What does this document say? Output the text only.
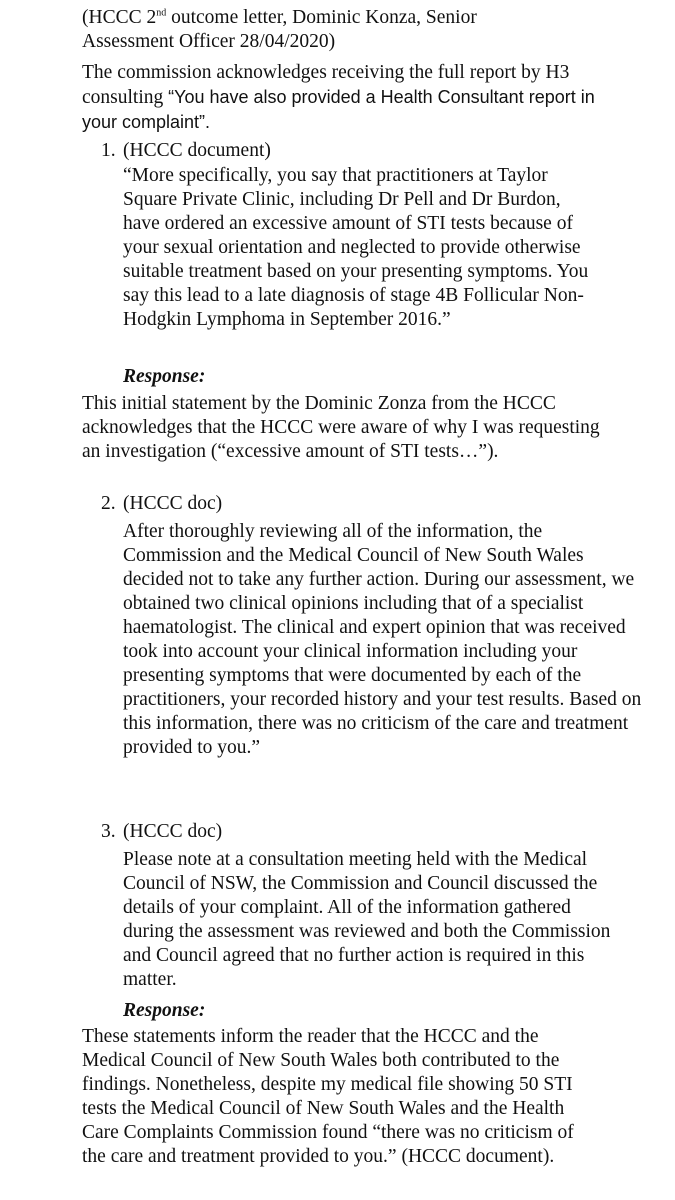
(HCCC 2nd outcome letter, Dominic Konza, Senior
Assessment Officer 28/04/2020)

The commission acknowledges receiving the full report by H3 consulting “You have also provided a Health Consultant report in your complaint”.

1. (HCCC document)

“More specifically, you say that practitioners at Taylor Square Private Clinic, including Dr Pell and Dr Burdon, have ordered an excessive amount of STI tests because of your sexual orientation and neglected to provide otherwise suitable treatment based on your presenting symptoms. You say this lead to a late diagnosis of stage 4B Follicular Non-Hodgkin Lymphoma in September 2016.”

Response:

This initial statement by the Dominic Zonza from the HCCC acknowledges that the HCCC were aware of why I was requesting an investigation (“excessive amount of STI tests…”).

2. (HCCC doc)

After thoroughly reviewing all of the information, the Commission and the Medical Council of New South Wales decided not to take any further action. During our assessment, we obtained two clinical opinions including that of a specialist haematologist. The clinical and expert opinion that was received took into account your clinical information including your presenting symptoms that were documented by each of the practitioners, your recorded history and your test results. Based on this information, there was no criticism of the care and treatment provided to you.”

3. (HCCC doc)

Please note at a consultation meeting held with the Medical Council of NSW, the Commission and Council discussed the details of your complaint. All of the information gathered during the assessment was reviewed and both the Commission and Council agreed that no further action is required in this matter.

Response:

These statements inform the reader that the HCCC and the Medical Council of New South Wales both contributed to the findings. Nonetheless, despite my medical file showing 50 STI tests the Medical Council of New South Wales and the Health Care Complaints Commission found “there was no criticism of the care and treatment provided to you.” (HCCC document).
